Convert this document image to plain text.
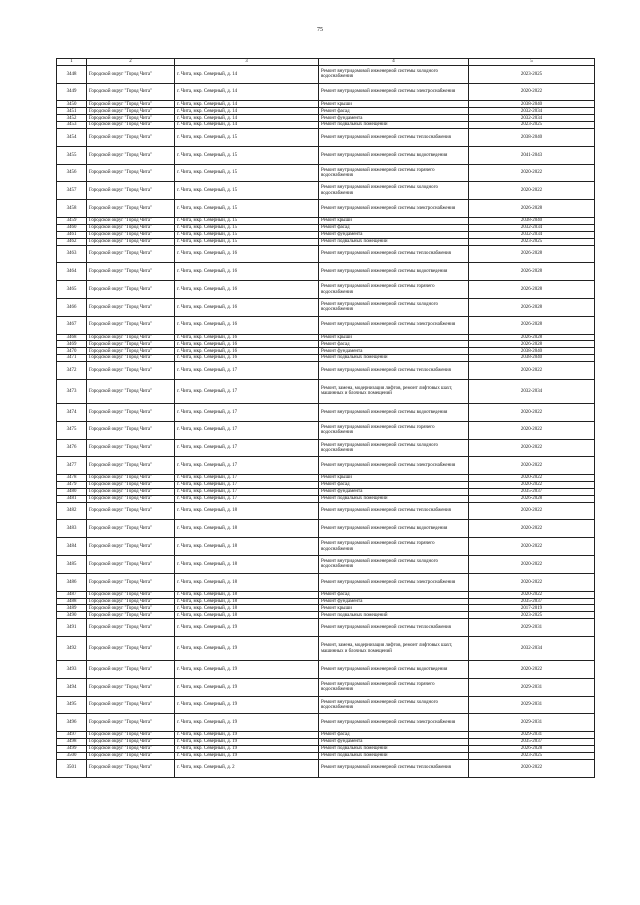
75
1	2	3	4	5
3448	Городской округ "Город Чита"	г. Чита, мкр. Северный, д. 14	Ремонт внутридомовой инженерной системы холодного водоснабжения	2023-2025
3449	Городской округ "Город Чита"	г. Чита, мкр. Северный, д. 14	Ремонт внутридомовой инженерной системы электроснабжения	2020-2022
3450	Городской округ "Город Чита"	г. Чита, мкр. Северный, д. 14	Ремонт крыши	2038-2040
3451	Городской округ "Город Чита"	г. Чита, мкр. Северный, д. 14	Ремонт фасад	2032-2034
3452	Городской округ "Город Чита"	г. Чита, мкр. Северный, д. 14	Ремонт фундамента	2032-2034
3453	Городской округ "Город Чита"	г. Чита, мкр. Северный, д. 14	Ремонт подвальных помещений	2023-2025
3454	Городской округ "Город Чита"	г. Чита, мкр. Северный, д. 15	Ремонт внутридомовой инженерной системы теплоснабжения	2038-2040
3455	Городской округ "Город Чита"	г. Чита, мкр. Северный, д. 15	Ремонт внутридомовой инженерной системы водоотведения	2041-2043
3456	Городской округ "Город Чита"	г. Чита, мкр. Северный, д. 15	Ремонт внутридомовой инженерной системы горячего водоснабжения	2020-2022
3457	Городской округ "Город Чита"	г. Чита, мкр. Северный, д. 15	Ремонт внутридомовой инженерной системы холодного водоснабжения	2020-2022
3458	Городской округ "Город Чита"	г. Чита, мкр. Северный, д. 15	Ремонт внутридомовой инженерной системы электроснабжения	2026-2028
3459	Городской округ "Город Чита"	г. Чита, мкр. Северный, д. 15	Ремонт крыши	2038-2040
3460	Городской округ "Город Чита"	г. Чита, мкр. Северный, д. 15	Ремонт фасад	2032-2034
3461	Городской округ "Город Чита"	г. Чита, мкр. Северный, д. 15	Ремонт фундамента	2032-2034
3462	Городской округ "Город Чита"	г. Чита, мкр. Северный, д. 15	Ремонт подвальных помещений	2023-2025
3463	Городской округ "Город Чита"	г. Чита, мкр. Северный, д. 16	Ремонт внутридомовой инженерной системы теплоснабжения	2026-2028
3464	Городской округ "Город Чита"	г. Чита, мкр. Северный, д. 16	Ремонт внутридомовой инженерной системы водоотведения	2026-2028
3465	Городской округ "Город Чита"	г. Чита, мкр. Северный, д. 16	Ремонт внутридомовой инженерной системы горячего водоснабжения	2026-2028
3466	Городской округ "Город Чита"	г. Чита, мкр. Северный, д. 16	Ремонт внутридомовой инженерной системы холодного водоснабжения	2026-2028
3467	Городской округ "Город Чита"	г. Чита, мкр. Северный, д. 16	Ремонт внутридомовой инженерной системы электроснабжения	2026-2028
3468	Городской округ "Город Чита"	г. Чита, мкр. Северный, д. 16	Ремонт крыши	2026-2028
3469	Городской округ "Город Чита"	г. Чита, мкр. Северный, д. 16	Ремонт фасад	2026-2028
3470	Городской округ "Город Чита"	г. Чита, мкр. Северный, д. 16	Ремонт фундамента	2038-2040
3471	Городской округ "Город Чита"	г. Чита, мкр. Северный, д. 16	Ремонт подвальных помещений	2038-2040
3472	Городской округ "Город Чита"	г. Чита, мкр. Северный, д. 17	Ремонт внутридомовой инженерной системы теплоснабжения	2020-2022
3473	Городской округ "Город Чита"	г. Чита, мкр. Северный, д. 17	Ремонт, замена, модернизация лифтов, ремонт лифтовых шахт, машинных и блочных помещений	2032-2034
3474	Городской округ "Город Чита"	г. Чита, мкр. Северный, д. 17	Ремонт внутридомовой инженерной системы водоотведения	2020-2022
3475	Городской округ "Город Чита"	г. Чита, мкр. Северный, д. 17	Ремонт внутридомовой инженерной системы горячего водоснабжения	2020-2022
3476	Городской округ "Город Чита"	г. Чита, мкр. Северный, д. 17	Ремонт внутридомовой инженерной системы холодного водоснабжения	2020-2022
3477	Городской округ "Город Чита"	г. Чита, мкр. Северный, д. 17	Ремонт внутридомовой инженерной системы электроснабжения	2020-2022
3478	Городской округ "Город Чита"	г. Чита, мкр. Северный, д. 17	Ремонт крыши	2020-2022
3479	Городской округ "Город Чита"	г. Чита, мкр. Северный, д. 17	Ремонт фасад	2020-2022
3480	Городской округ "Город Чита"	г. Чита, мкр. Северный, д. 17	Ремонт фундамента	2035-2037
3481	Городской округ "Город Чита"	г. Чита, мкр. Северный, д. 17	Ремонт подвальных помещений	2026-2028
3482	Городской округ "Город Чита"	г. Чита, мкр. Северный, д. 18	Ремонт внутридомовой инженерной системы теплоснабжения	2020-2022
3483	Городской округ "Город Чита"	г. Чита, мкр. Северный, д. 18	Ремонт внутридомовой инженерной системы водоотведения	2020-2022
3484	Городской округ "Город Чита"	г. Чита, мкр. Северный, д. 18	Ремонт внутридомовой инженерной системы горячего водоснабжения	2020-2022
3485	Городской округ "Город Чита"	г. Чита, мкр. Северный, д. 18	Ремонт внутридомовой инженерной системы холодного водоснабжения	2020-2022
3486	Городской округ "Город Чита"	г. Чита, мкр. Северный, д. 18	Ремонт внутридомовой инженерной системы электроснабжения	2020-2022
3487	Городской округ "Город Чита"	г. Чита, мкр. Северный, д. 18	Ремонт фасад	2020-2022
3488	Городской округ "Город Чита"	г. Чита, мкр. Северный, д. 18	Ремонт фундамента	2035-2037
3489	Городской округ "Город Чита"	г. Чита, мкр. Северный, д. 18	Ремонт крыши	2017-2019
3490	Городской округ "Город Чита"	г. Чита, мкр. Северный, д. 18	Ремонт подвальных помещений	2023-2025
3491	Городской округ "Город Чита"	г. Чита, мкр. Северный, д. 19	Ремонт внутридомовой инженерной системы теплоснабжения	2029-2031
3492	Городской округ "Город Чита"	г. Чита, мкр. Северный, д. 19	Ремонт, замена, модернизация лифтов, ремонт лифтовых шахт, машинных и блочных помещений	2032-2034
3493	Городской округ "Город Чита"	г. Чита, мкр. Северный, д. 19	Ремонт внутридомовой инженерной системы водоотведения	2020-2022
3494	Городской округ "Город Чита"	г. Чита, мкр. Северный, д. 19	Ремонт внутридомовой инженерной системы горячего водоснабжения	2029-2031
3495	Городской округ "Город Чита"	г. Чита, мкр. Северный, д. 19	Ремонт внутридомовой инженерной системы холодного водоснабжения	2029-2031
3496	Городской округ "Город Чита"	г. Чита, мкр. Северный, д. 19	Ремонт внутридомовой инженерной системы электроснабжения	2029-2031
3497	Городской округ "Город Чита"	г. Чита, мкр. Северный, д. 19	Ремонт фасад	2029-2031
3498	Городской округ "Город Чита"	г. Чита, мкр. Северный, д. 19	Ремонт фундамента	2035-2037
3499	Городской округ "Город Чита"	г. Чита, мкр. Северный, д. 19	Ремонт подвальных помещений	2026-2028
3500	Городской округ "Город Чита"	г. Чита, мкр. Северный, д. 19	Ремонт подвальных помещений	2023-2025
3501	Городской округ "Город Чита"	г. Чита, мкр. Северный, д. 2	Ремонт внутридомовой инженерной системы теплоснабжения	2020-2022
